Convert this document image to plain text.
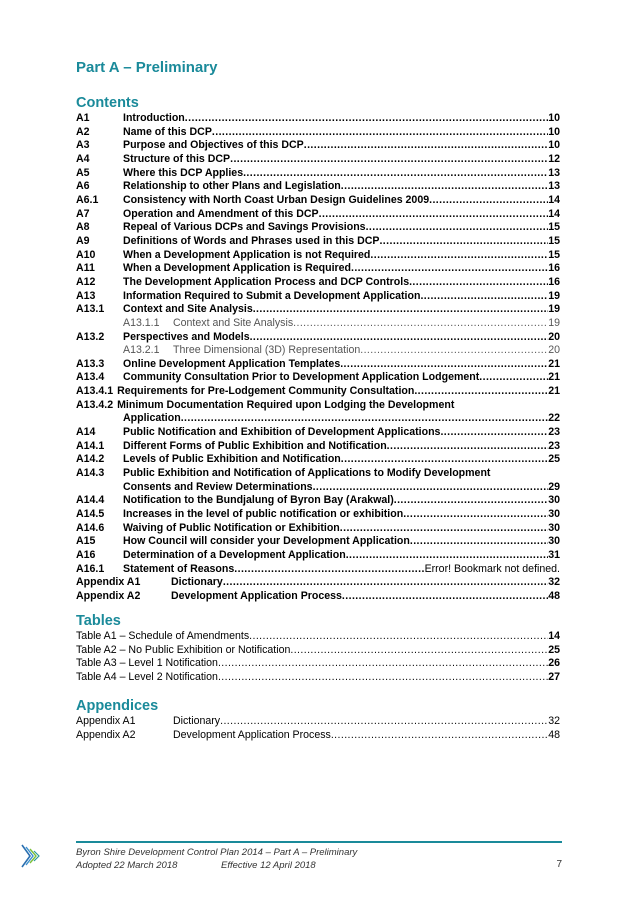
Part A – Preliminary
Contents
A1	Introduction .....	10
A2	Name of this DCP .....	10
A3	Purpose and Objectives of this DCP .....	10
A4	Structure of this DCP .....	12
A5	Where this DCP Applies .....	13
A6	Relationship to other Plans and Legislation .....	13
A6.1	Consistency with North Coast Urban Design Guidelines 2009 .....	14
A7	Operation and Amendment of this DCP .....	14
A8	Repeal of Various DCPs and Savings Provisions .....	15
A9	Definitions of Words and Phrases used in this DCP .....	15
A10	When a Development Application is not Required .....	15
A11	When a Development Application is Required .....	16
A12	The Development Application Process and DCP Controls .....	16
A13	Information Required to Submit a Development Application .....	19
A13.1	Context and Site Analysis .....	19
A13.1.1	Context and Site Analysis .....	19
A13.2	Perspectives and Models .....	20
A13.2.1	Three Dimensional (3D) Representation .....	20
A13.3	Online Development Application Templates .....	21
A13.4	Community Consultation Prior to Development Application Lodgement .....	21
A13.4.1 Requirements for Pre-Lodgement Community Consultation .....	21
A13.4.2 Minimum Documentation Required upon Lodging the Development
Application .....	22
A14	Public Notification and Exhibition of Development Applications .....	23
A14.1	Different Forms of Public Exhibition and Notification .....	23
A14.2	Levels of Public Exhibition and Notification .....	25
A14.3	Public Exhibition and Notification of Applications to Modify Development
Consents and Review Determinations .....	29
A14.4	Notification to the Bundjalung of Byron Bay (Arakwal) .....	30
A14.5	Increases in the level of public notification or exhibition .....	30
A14.6	Waiving of Public Notification or Exhibition .....	30
A15	How Council will consider your Development Application .....	30
A16	Determination of a Development Application .....	31
A16.1	Statement of Reasons .....	Error! Bookmark not defined.
Appendix A1	Dictionary .....	32
Appendix A2	Development Application Process .....	48
Tables
Table A1 – Schedule of Amendments .....	14
Table A2 – No Public Exhibition or Notification .....	25
Table A3 – Level 1 Notification .....	26
Table A4 – Level 2 Notification .....	27
Appendices
Appendix A1	Dictionary .....	32
Appendix A2	Development Application Process .....	48
Byron Shire Development Control Plan 2014 – Part A – Preliminary
Adopted 22 March 2018	Effective 12 April 2018	7
